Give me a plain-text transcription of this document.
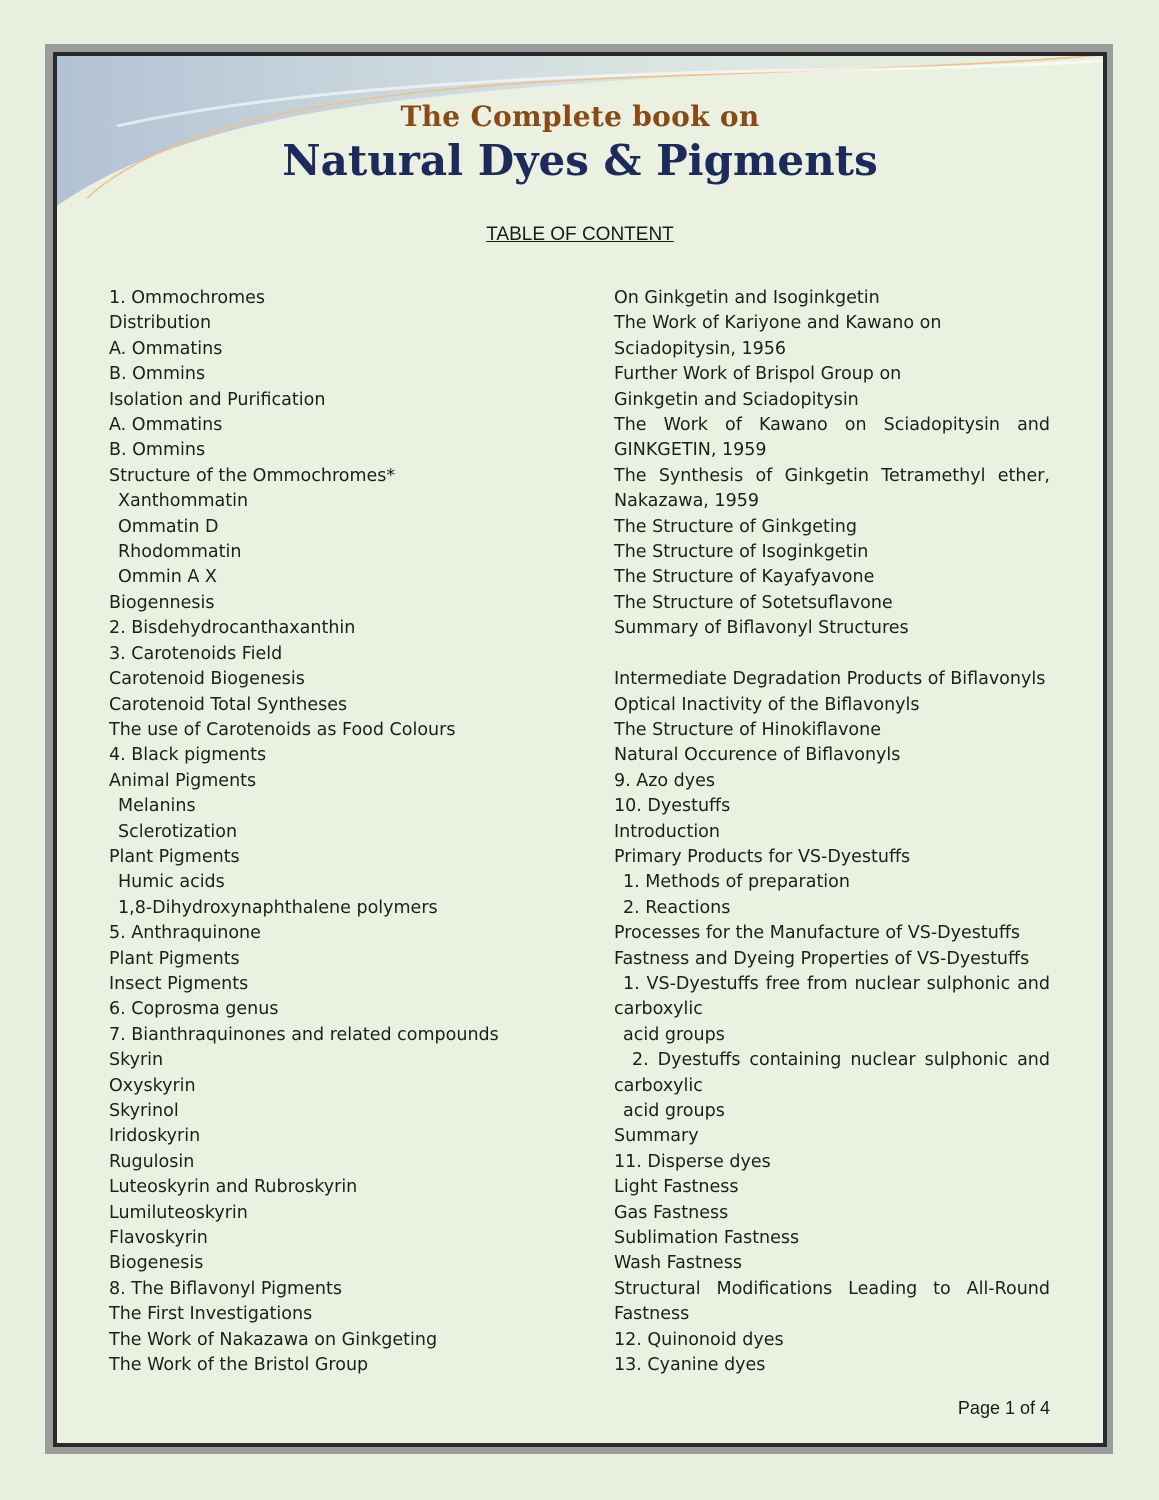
The Complete book on
Natural Dyes & Pigments
TABLE OF CONTENT
1. Ommochromes
Distribution
A. Ommatins
B. Ommins
Isolation and Purification
A. Ommatins
B. Ommins
Structure of the Ommochromes*
Xanthommatin
Ommatin D
Rhodommatin
Ommin A X
Biogennesis
2. Bisdehydrocanthaxanthin
3. Carotenoids Field
Carotenoid Biogenesis
Carotenoid Total Syntheses
The use of Carotenoids as Food Colours
4. Black pigments
Animal Pigments
Melanins
Sclerotization
Plant Pigments
Humic acids
1,8-Dihydroxynaphthalene polymers
5. Anthraquinone
Plant Pigments
Insect Pigments
6. Coprosma genus
7. Bianthraquinones and related compounds
Skyrin
Oxyskyrin
Skyrinol
Iridoskyrin
Rugulosin
Luteoskyrin and Rubroskyrin
Lumiluteoskyrin
Flavoskyrin
Biogenesis
8. The Biflavonyl Pigments
The First Investigations
The Work of Nakazawa on Ginkgeting
The Work of the Bristol Group
On Ginkgetin and Isoginkgetin
The Work of Kariyone and Kawano on
Sciadopitysin, 1956
Further Work of Brispol Group on
Ginkgetin and Sciadopitysin
The Work of Kawano on Sciadopitysin and
GINKGETIN, 1959
The Synthesis of Ginkgetin Tetramethyl ether,
Nakazawa, 1959
The Structure of Ginkgeting
The Structure of Isoginkgetin
The Structure of Kayafyavone
The Structure of Sotetsuflavone
Summary of Biflavonyl Structures
Intermediate Degradation Products of Biflavonyls
Optical Inactivity of the Biflavonyls
The Structure of Hinokiflavone
Natural Occurence of Biflavonyls
9. Azo dyes
10. Dyestuffs
Introduction
Primary Products for VS-Dyestuffs
1. Methods of preparation
2. Reactions
Processes for the Manufacture of VS-Dyestuffs
Fastness and Dyeing Properties of VS-Dyestuffs
1. VS-Dyestuffs free from nuclear sulphonic and
carboxylic
acid groups
2. Dyestuffs containing nuclear sulphonic and
carboxylic
acid groups
Summary
11. Disperse dyes
Light Fastness
Gas Fastness
Sublimation Fastness
Wash Fastness
Structural Modifications Leading to All-Round
Fastness
12. Quinonoid dyes
13. Cyanine dyes
Page 1 of 4
